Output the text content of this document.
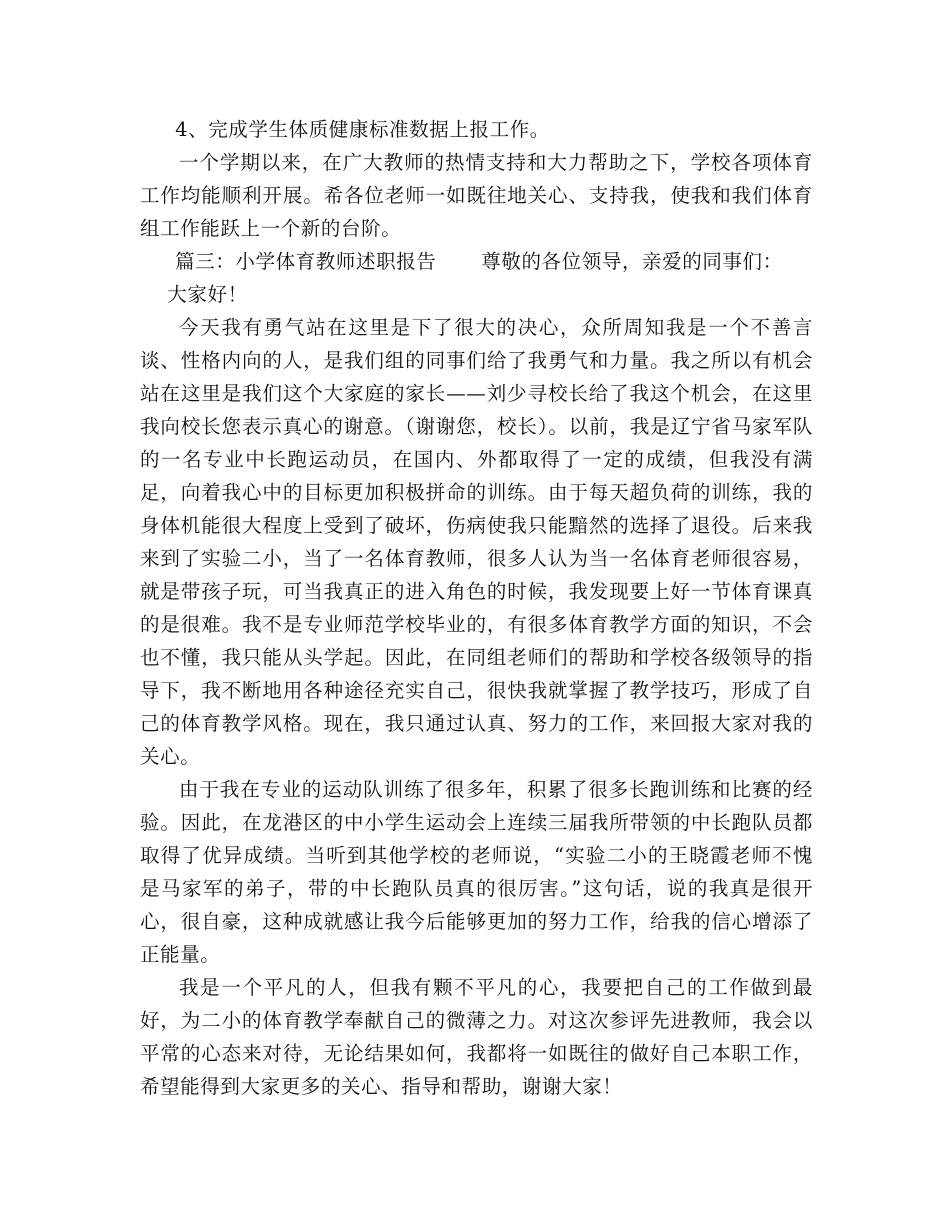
4、完成学生体质健康标准数据上报工作。

一个学期以来，在广大教师的热情支持和大力帮助之下，学校各项体育工作均能顺利开展。希各位老师一如既往地关心、支持我，使我和我们体育组工作能跃上一个新的台阶。

篇三：小学体育教师述职报告 尊敬的各位领导，亲爱的同事们：

大家好！

今天我有勇气站在这里是下了很大的决心，众所周知我是一个不善言谈、性格内向的人，是我们组的同事们给了我勇气和力量。我之所以有机会站在这里是我们这个大家庭的家长——刘少寻校长给了我这个机会，在这里我向校长您表示真心的谢意。（谢谢您，校长）。以前，我是辽宁省马家军队的一名专业中长跑运动员，在国内、外都取得了一定的成绩，但我没有满足，向着我心中的目标更加积极拼命的训练。由于每天超负荷的训练，我的身体机能很大程度上受到了破坏，伤病使我只能黯然的选择了退役。后来我来到了实验二小，当了一名体育教师，很多人认为当一名体育老师很容易，就是带孩子玩，可当我真正的进入角色的时候，我发现要上好一节体育课真的是很难。我不是专业师范学校毕业的，有很多体育教学方面的知识，不会也不懂，我只能从头学起。因此，在同组老师们的帮助和学校各级领导的指导下，我不断地用各种途径充实自己，很快我就掌握了教学技巧，形成了自己的体育教学风格。现在，我只通过认真、努力的工作，来回报大家对我的关心。

由于我在专业的运动队训练了很多年，积累了很多长跑训练和比赛的经验。因此，在龙港区的中小学生运动会上连续三届我所带领的中长跑队员都取得了优异成绩。当听到其他学校的老师说，“实验二小的王晓霞老师不愧是马家军的弟子，带的中长跑队员真的很厉害。”这句话，说的我真是很开心，很自豪，这种成就感让我今后能够更加的努力工作，给我的信心增添了正能量。

我是一个平凡的人，但我有颗不平凡的心，我要把自己的工作做到最好，为二小的体育教学奉献自己的微薄之力。对这次参评先进教师，我会以平常的心态来对待，无论结果如何，我都将一如既往的做好自己本职工作，希望能得到大家更多的关心、指导和帮助，谢谢大家！
